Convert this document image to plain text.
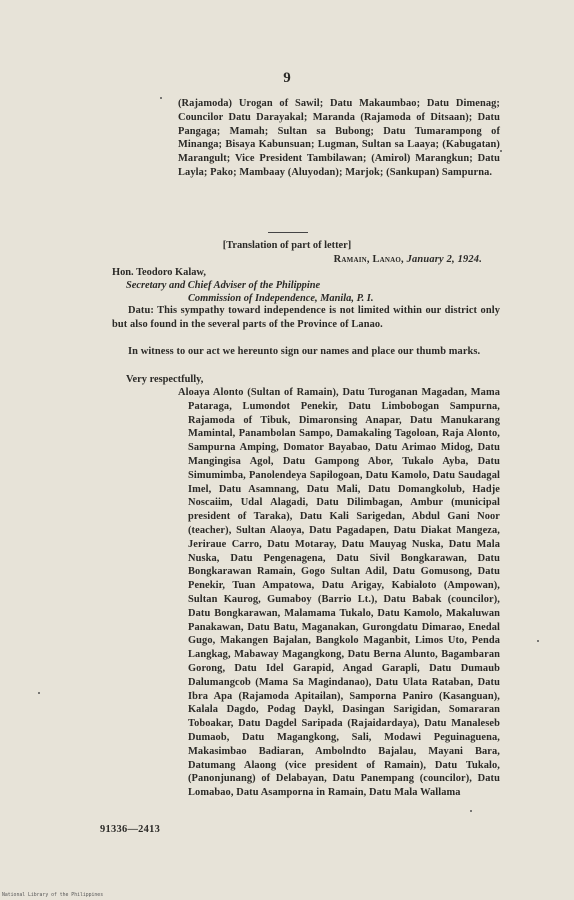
9

(Rajamoda) Urogan of Sawil; Datu Makaumbao; Datu Dimenag; Councilor Datu Darayakal; Maranda (Rajamoda of Ditsaan); Datu Pangaga; Mamah; Sultan sa Bubong; Datu Tumarampong of Minanga; Bisaya Kabunsuan; Lugman, Sultan sa Laaya; (Kabugatan) Marangult; Vice President Tambilawan; (Amirol) Marangkun; Datu Layla; Pako; Mambaay (Aluyodan); Marjok; (Sankupan) Sampurna.

[Translation of part of letter]
Ramain, Lanao, January 2, 1924.
Hon. Teodoro Kalaw,
Secretary and Chief Adviser of the Philippine
Commission of Independence, Manila, P. I.

Datu: This sympathy toward independence is not limited within our district only but also found in the several parts of the Province of Lanao.

In witness to our act we hereunto sign our names and place our thumb marks.

Very respectfully,

Aloaya Alonto (Sultan of Ramain), Datu Turoganan Magadan, Mama Pataraga, Lumondot Penekir, Datu Limbobogan Sampurna, Rajamoda of Tibuk, Dimaronsing Anapar, Datu Manukarang Mamintal, Panambolan Sampo, Damakaling Tagoloan, Raja Alonto, Sampurna Amping, Domator Bayabao, Datu Arimao Midog, Datu Mangingisa Agol, Datu Gampong Abor, Tukalo Ayba, Datu Simumimba, Panolendeya Sapilogoan, Datu Kamolo, Datu Saudagal Imel, Datu Asamnang, Datu Mali, Datu Domangkolub, Hadje Noscaiim, Udal Alagadi, Datu Dilimbagan, Ambur (municipal president of Taraka), Datu Kali Sarigedan, Abdul Gani Noor (teacher), Sultan Alaoya, Datu Pagadapen, Datu Diakat Mangeza, Jeriraue Carro, Datu Motaray, Datu Mauyag Nuska, Datu Mala Nuska, Datu Pengenagena, Datu Sivil Bongkarawan, Datu Bongkarawan Ramain, Gogo Sultan Adil, Datu Gomusong, Datu Penekir, Tuan Ampatowa, Datu Arigay, Kabialoto (Ampowan), Sultan Kaurog, Gumaboy (Barrio Lt.), Datu Babak (councilor), Datu Bongkarawan, Malamama Tukalo, Datu Kamolo, Makaluwan Panakawan, Datu Batu, Maganakan, Gurongdatu Dimarao, Enedal Gugo, Makangen Bajalan, Bangkolo Maganbit, Limos Uto, Penda Langkag, Mabaway Magangkong, Datu Berna Alunto, Bagambaran Gorong, Datu Idel Garapid, Angad Garapli, Datu Dumaub Dalumangcob (Mama Sa Magindanao), Datu Ulata Rataban, Datu Ibra Apa (Rajamoda Apitailan), Samporna Paniro (Kasanguan), Kalala Dagdo, Podag Daykl, Dasingan Sarigidan, Somararan Toboakar, Datu Dagdel Saripada (Rajaidardaya), Datu Manaleseb Dumaob, Datu Magangkong, Sali, Modawi Peguinaguena, Makasimbao Badiaran, Ambolndto Bajalau, Mayani Bara, Datumang Alaong (vice president of Ramain), Datu Tukalo, (Panonjunang) of Delabayan, Datu Panempang (councilor), Datu Lomabao, Datu Asamporna in Ramain, Datu Mala Wallama

91336—2413
National Library of the Philippines
